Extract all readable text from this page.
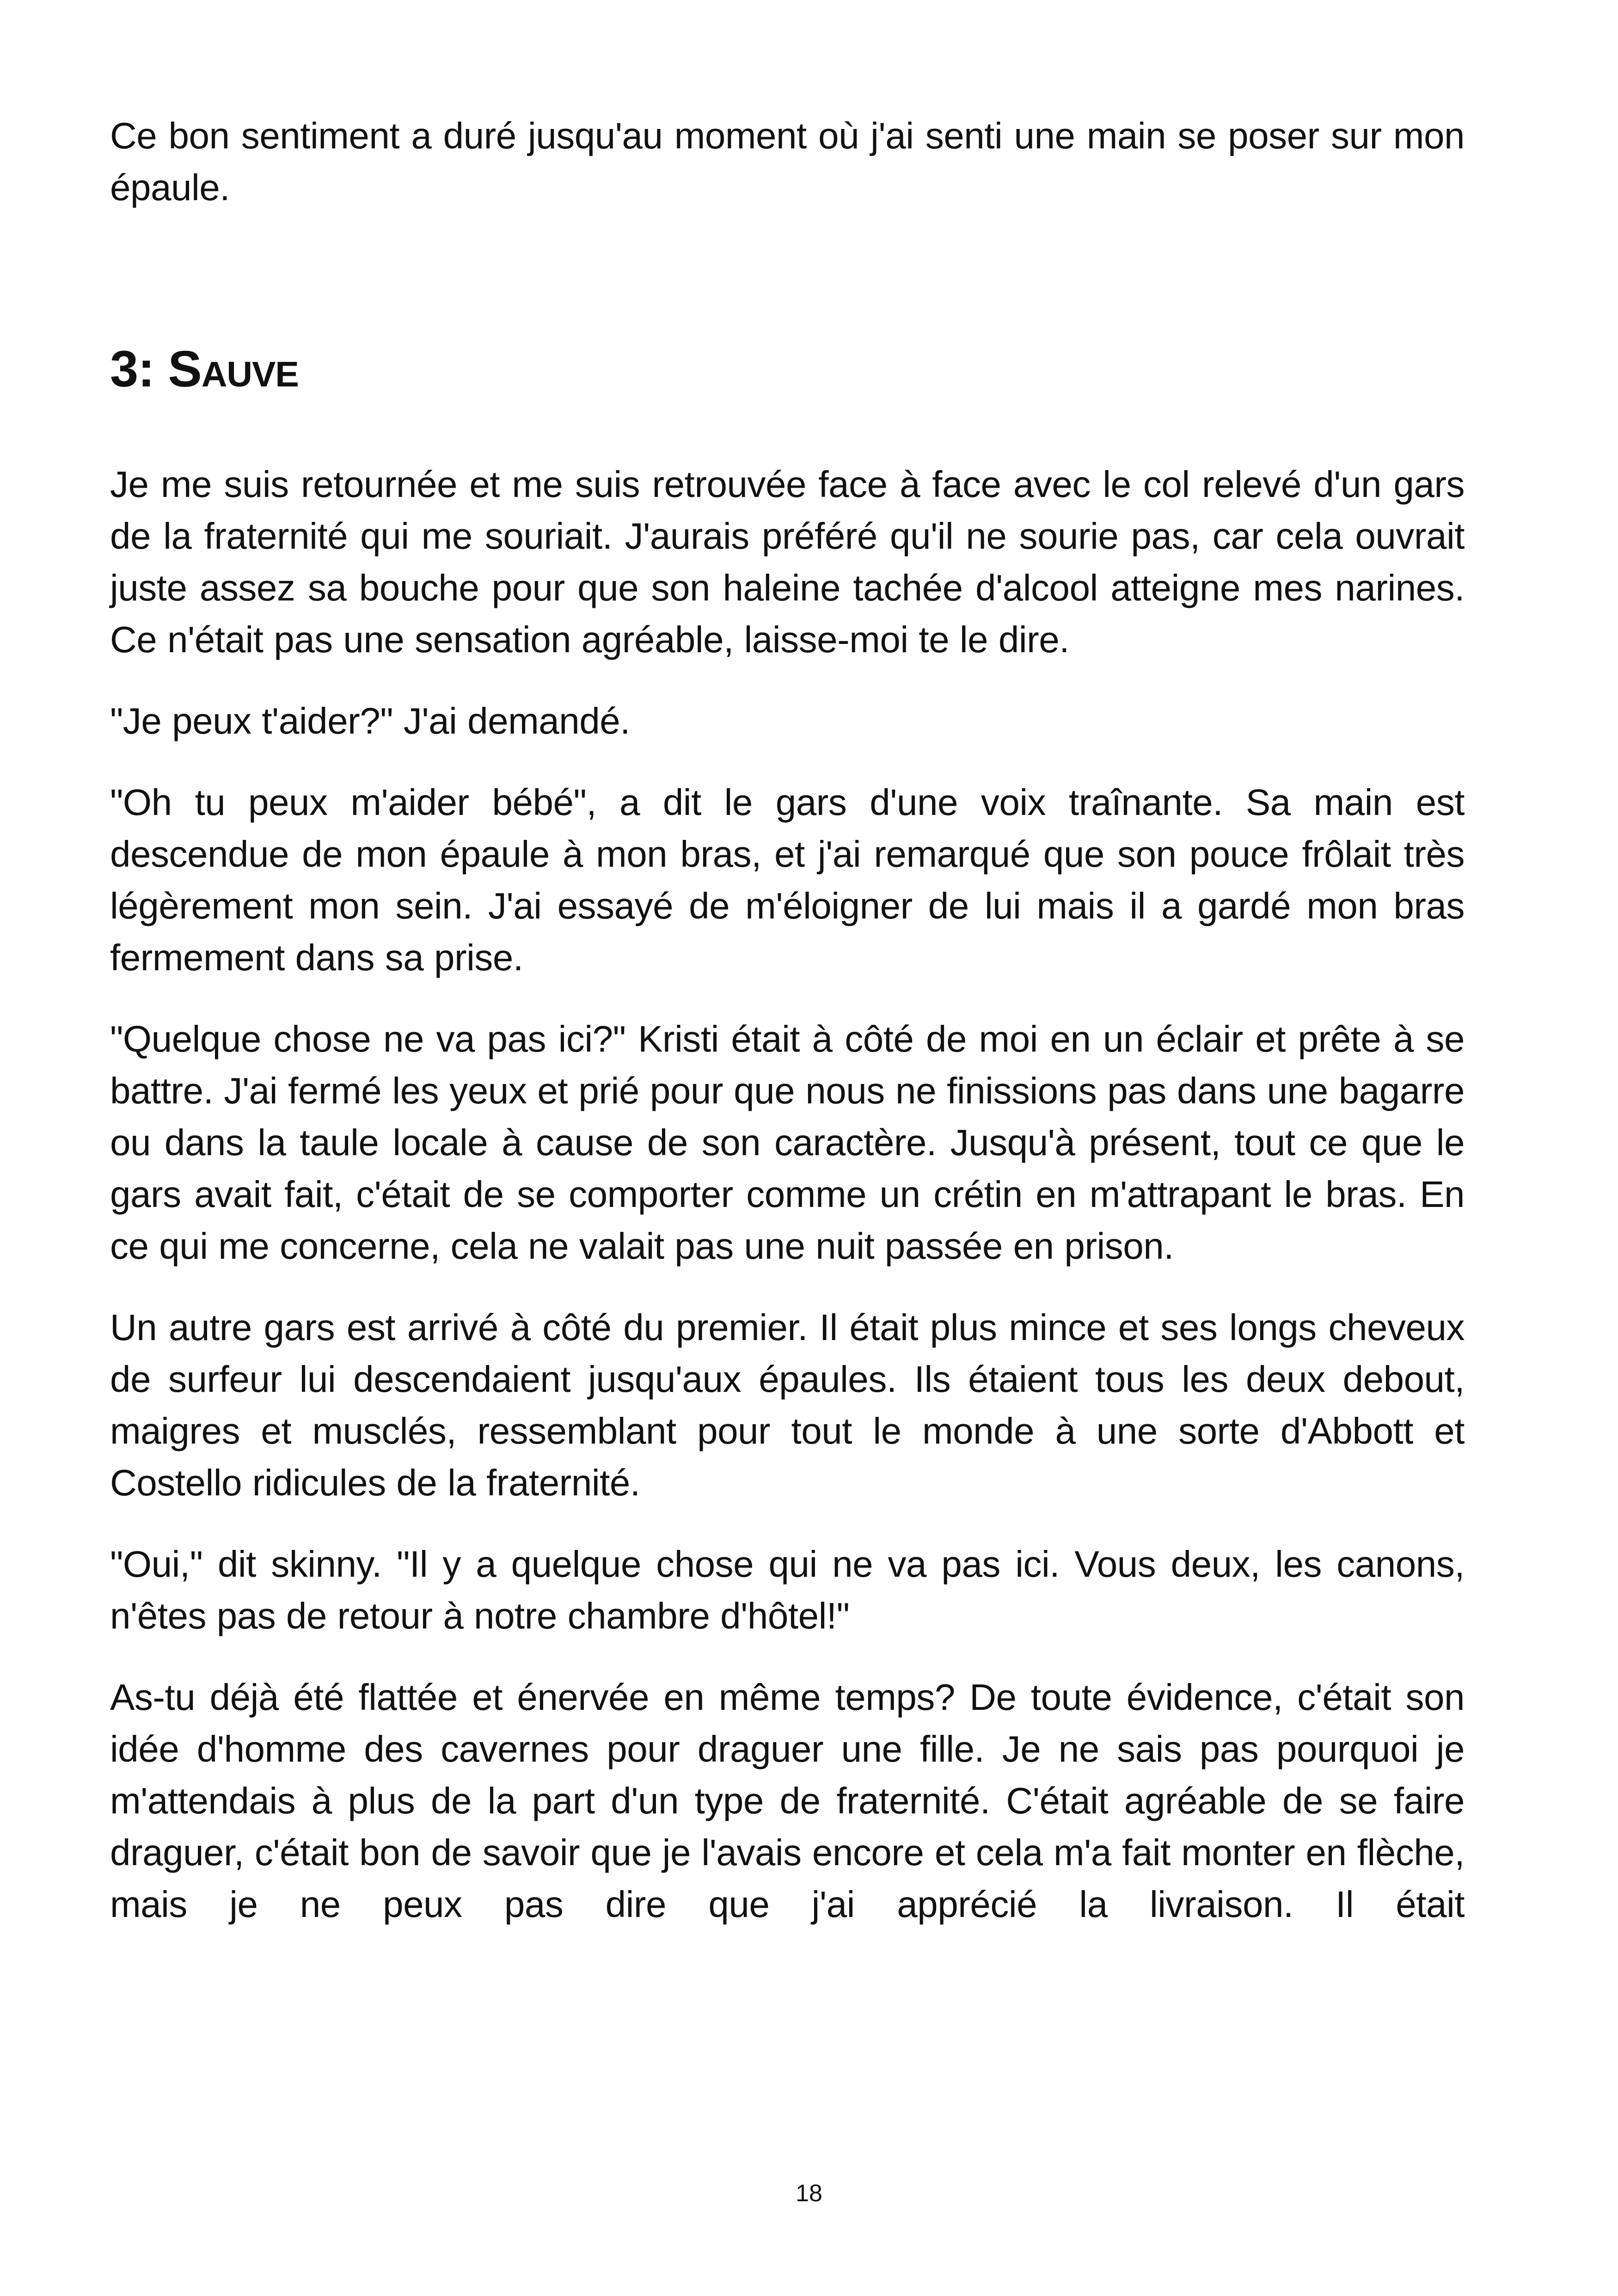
Ce bon sentiment a duré jusqu'au moment où j'ai senti une main se poser sur mon épaule.

3: Sauve

Je me suis retournée et me suis retrouvée face à face avec le col relevé d'un gars de la fraternité qui me souriait. J'aurais préféré qu'il ne sourie pas, car cela ouvrait juste assez sa bouche pour que son haleine tachée d'alcool atteigne mes narines. Ce n'était pas une sensation agréable, laisse-moi te le dire.

"Je peux t'aider?" J'ai demandé.

"Oh tu peux m'aider bébé", a dit le gars d'une voix traînante. Sa main est descendue de mon épaule à mon bras, et j'ai remarqué que son pouce frôlait très légèrement mon sein. J'ai essayé de m'éloigner de lui mais il a gardé mon bras fermement dans sa prise.

"Quelque chose ne va pas ici?" Kristi était à côté de moi en un éclair et prête à se battre. J'ai fermé les yeux et prié pour que nous ne finissions pas dans une bagarre ou dans la taule locale à cause de son caractère. Jusqu'à présent, tout ce que le gars avait fait, c'était de se comporter comme un crétin en m'attrapant le bras. En ce qui me concerne, cela ne valait pas une nuit passée en prison.

Un autre gars est arrivé à côté du premier. Il était plus mince et ses longs cheveux de surfeur lui descendaient jusqu'aux épaules. Ils étaient tous les deux debout, maigres et musclés, ressemblant pour tout le monde à une sorte d'Abbott et Costello ridicules de la fraternité.

"Oui," dit skinny. "Il y a quelque chose qui ne va pas ici. Vous deux, les canons, n'êtes pas de retour à notre chambre d'hôtel!"

As-tu déjà été flattée et énervée en même temps? De toute évidence, c'était son idée d'homme des cavernes pour draguer une fille. Je ne sais pas pourquoi je m'attendais à plus de la part d'un type de fraternité. C'était agréable de se faire draguer, c'était bon de savoir que je l'avais encore et cela m'a fait monter en flèche, mais je ne peux pas dire que j'ai apprécié la livraison. Il était

18
